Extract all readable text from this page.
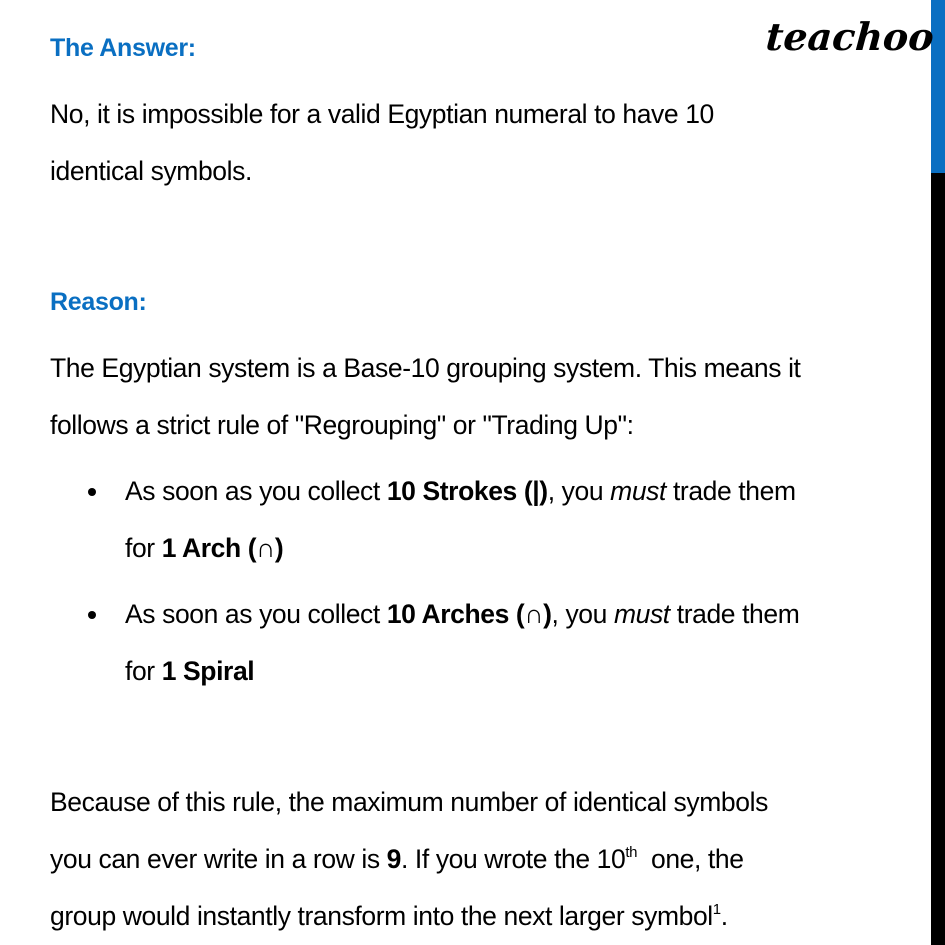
teachoo
The Answer:
No, it is impossible for a valid Egyptian numeral to have 10
identical symbols.
Reason:
The Egyptian system is a Base-10 grouping system. This means it
follows a strict rule of "Regrouping" or "Trading Up":
As soon as you collect 10 Strokes (|), you must trade them
for 1 Arch (∩)
As soon as you collect 10 Arches (∩), you must trade them
for 1 Spiral
Because of this rule, the maximum number of identical symbols
you can ever write in a row is 9. If you wrote the 10th  one, the
group would instantly transform into the next larger symbol$^1$.
